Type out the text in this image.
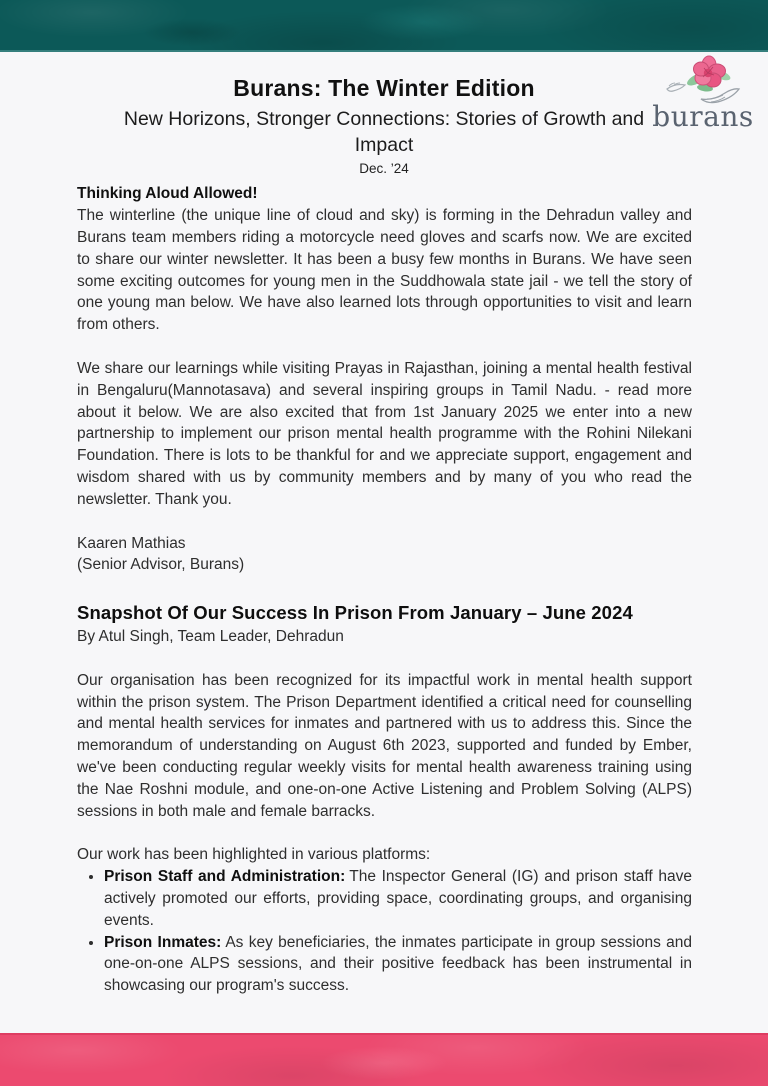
burans
Burans: The Winter Edition
New Horizons, Stronger Connections: Stories of Growth and Impact
Dec. ’24

Thinking Aloud Allowed!

The winterline (the unique line of cloud and sky) is forming in the Dehradun valley and Burans team members riding a motorcycle need gloves and scarfs now. We are excited to share our winter newsletter. It has been a busy few months in Burans. We have seen some exciting outcomes for young men in the Suddhowala state jail - we tell the story of one young man below. We have also learned lots through opportunities to visit and learn from others.

We share our learnings while visiting Prayas in Rajasthan, joining a mental health festival in Bengaluru(Mannotasava) and several inspiring groups in Tamil Nadu. - read more about it below. We are also excited that from 1st January 2025 we enter into a new partnership to implement our prison mental health programme with the Rohini Nilekani Foundation. There is lots to be thankful for and we appreciate support, engagement and wisdom shared with us by community members and by many of you who read the newsletter. Thank you.

Kaaren Mathias
(Senior Advisor, Burans)
Snapshot Of Our Success In Prison From January – June 2024
By Atul Singh, Team Leader, Dehradun

Our organisation has been recognized for its impactful work in mental health support within the prison system. The Prison Department identified a critical need for counselling and mental health services for inmates and partnered with us to address this. Since the memorandum of understanding on August 6th 2023, supported and funded by Ember, we've been conducting regular weekly visits for mental health awareness training using the Nae Roshni module, and one-on-one Active Listening and Problem Solving (ALPS) sessions in both male and female barracks.

Our work has been highlighted in various platforms:

• Prison Staff and Administration: The Inspector General (IG) and prison staff have actively promoted our efforts, providing space, coordinating groups, and organising events.
• Prison Inmates: As key beneficiaries, the inmates participate in group sessions and one-on-one ALPS sessions, and their positive feedback has been instrumental in showcasing our program's success.
